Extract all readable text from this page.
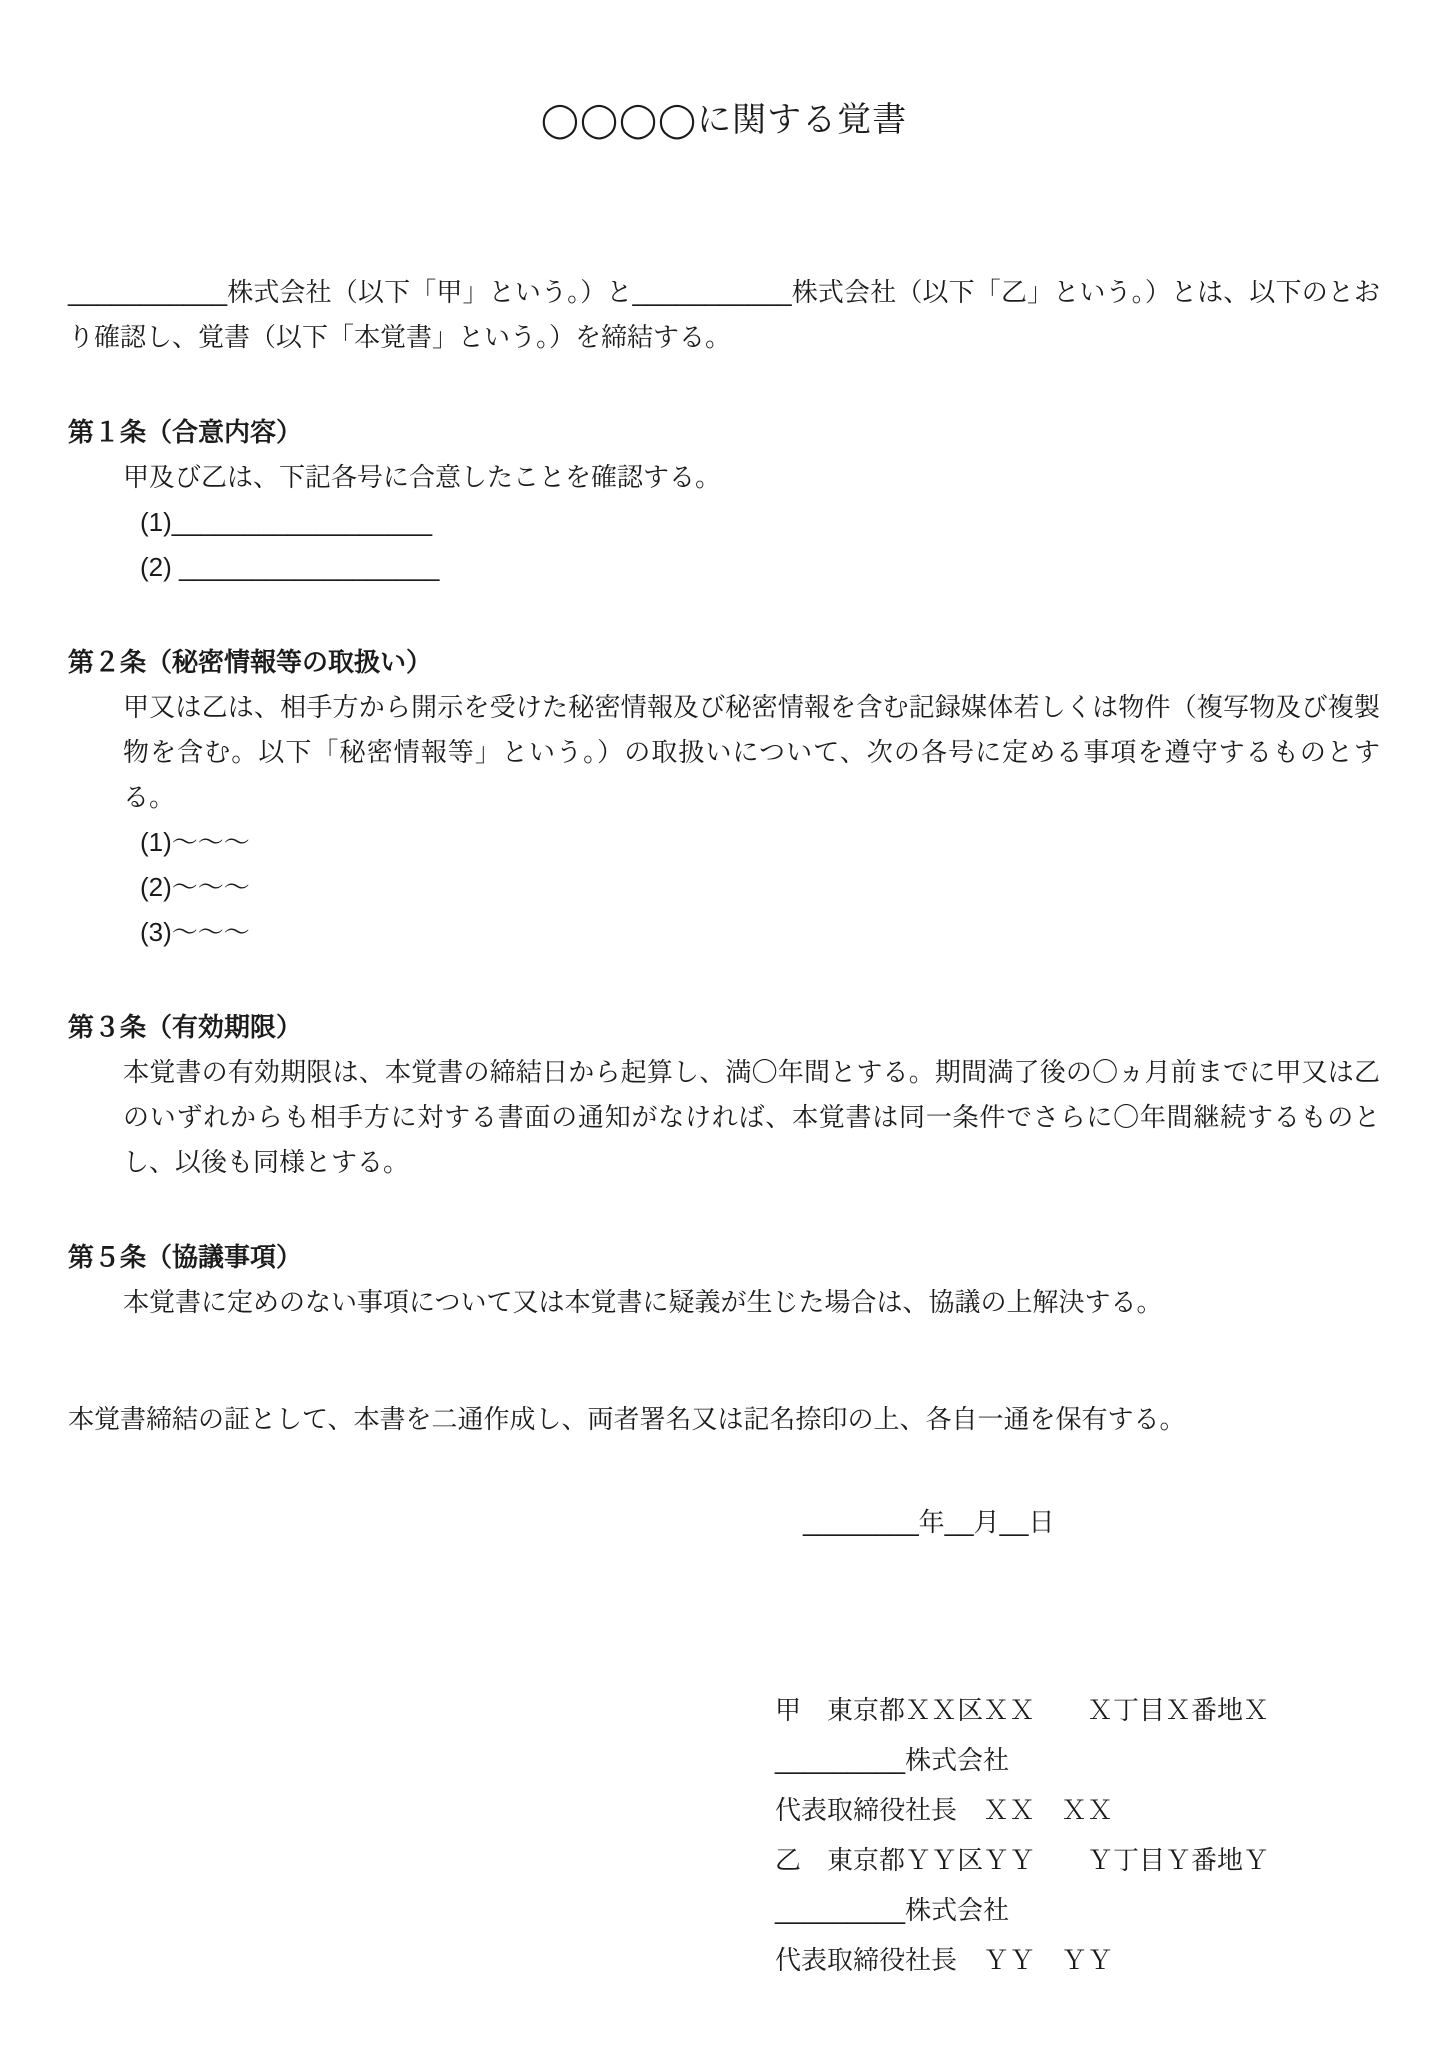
◯◯◯◯に関する覚書

___________株式会社（以下「甲」という。）と___________株式会社（以下「乙」という。）とは、以下のとおり確認し、覚書（以下「本覚書」という。）を締結する。

第１条（合意内容）

甲及び乙は、下記各号に合意したことを確認する。

(1)__________________

(2) __________________

第２条（秘密情報等の取扱い）

甲又は乙は、相手方から開示を受けた秘密情報及び秘密情報を含む記録媒体若しくは物件（複写物及び複製物を含む。以下「秘密情報等」という。）の取扱いについて、次の各号に定める事項を遵守するものとする。

(1)～～～

(2)～～～

(3)～～～

第３条（有効期限）

本覚書の有効期限は、本覚書の締結日から起算し、満〇年間とする。期間満了後の〇ヵ月前までに甲又は乙のいずれからも相手方に対する書面の通知がなければ、本覚書は同一条件でさらに〇年間継続するものとし、以後も同様とする。

第５条（協議事項）

本覚書に定めのない事項について又は本覚書に疑義が生じた場合は、協議の上解決する。

本覚書締結の証として、本書を二通作成し、両者署名又は記名捺印の上、各自一通を保有する。

________年__月__日

甲　東京都ＸＸ区ＸＸ　　Ｘ丁目Ｘ番地Ｘ

_________株式会社

代表取締役社長　ＸＸ　ＸＸ

乙　東京都ＹＹ区ＹＹ　　Ｙ丁目Ｙ番地Ｙ

_________株式会社

代表取締役社長　ＹＹ　ＹＹ
